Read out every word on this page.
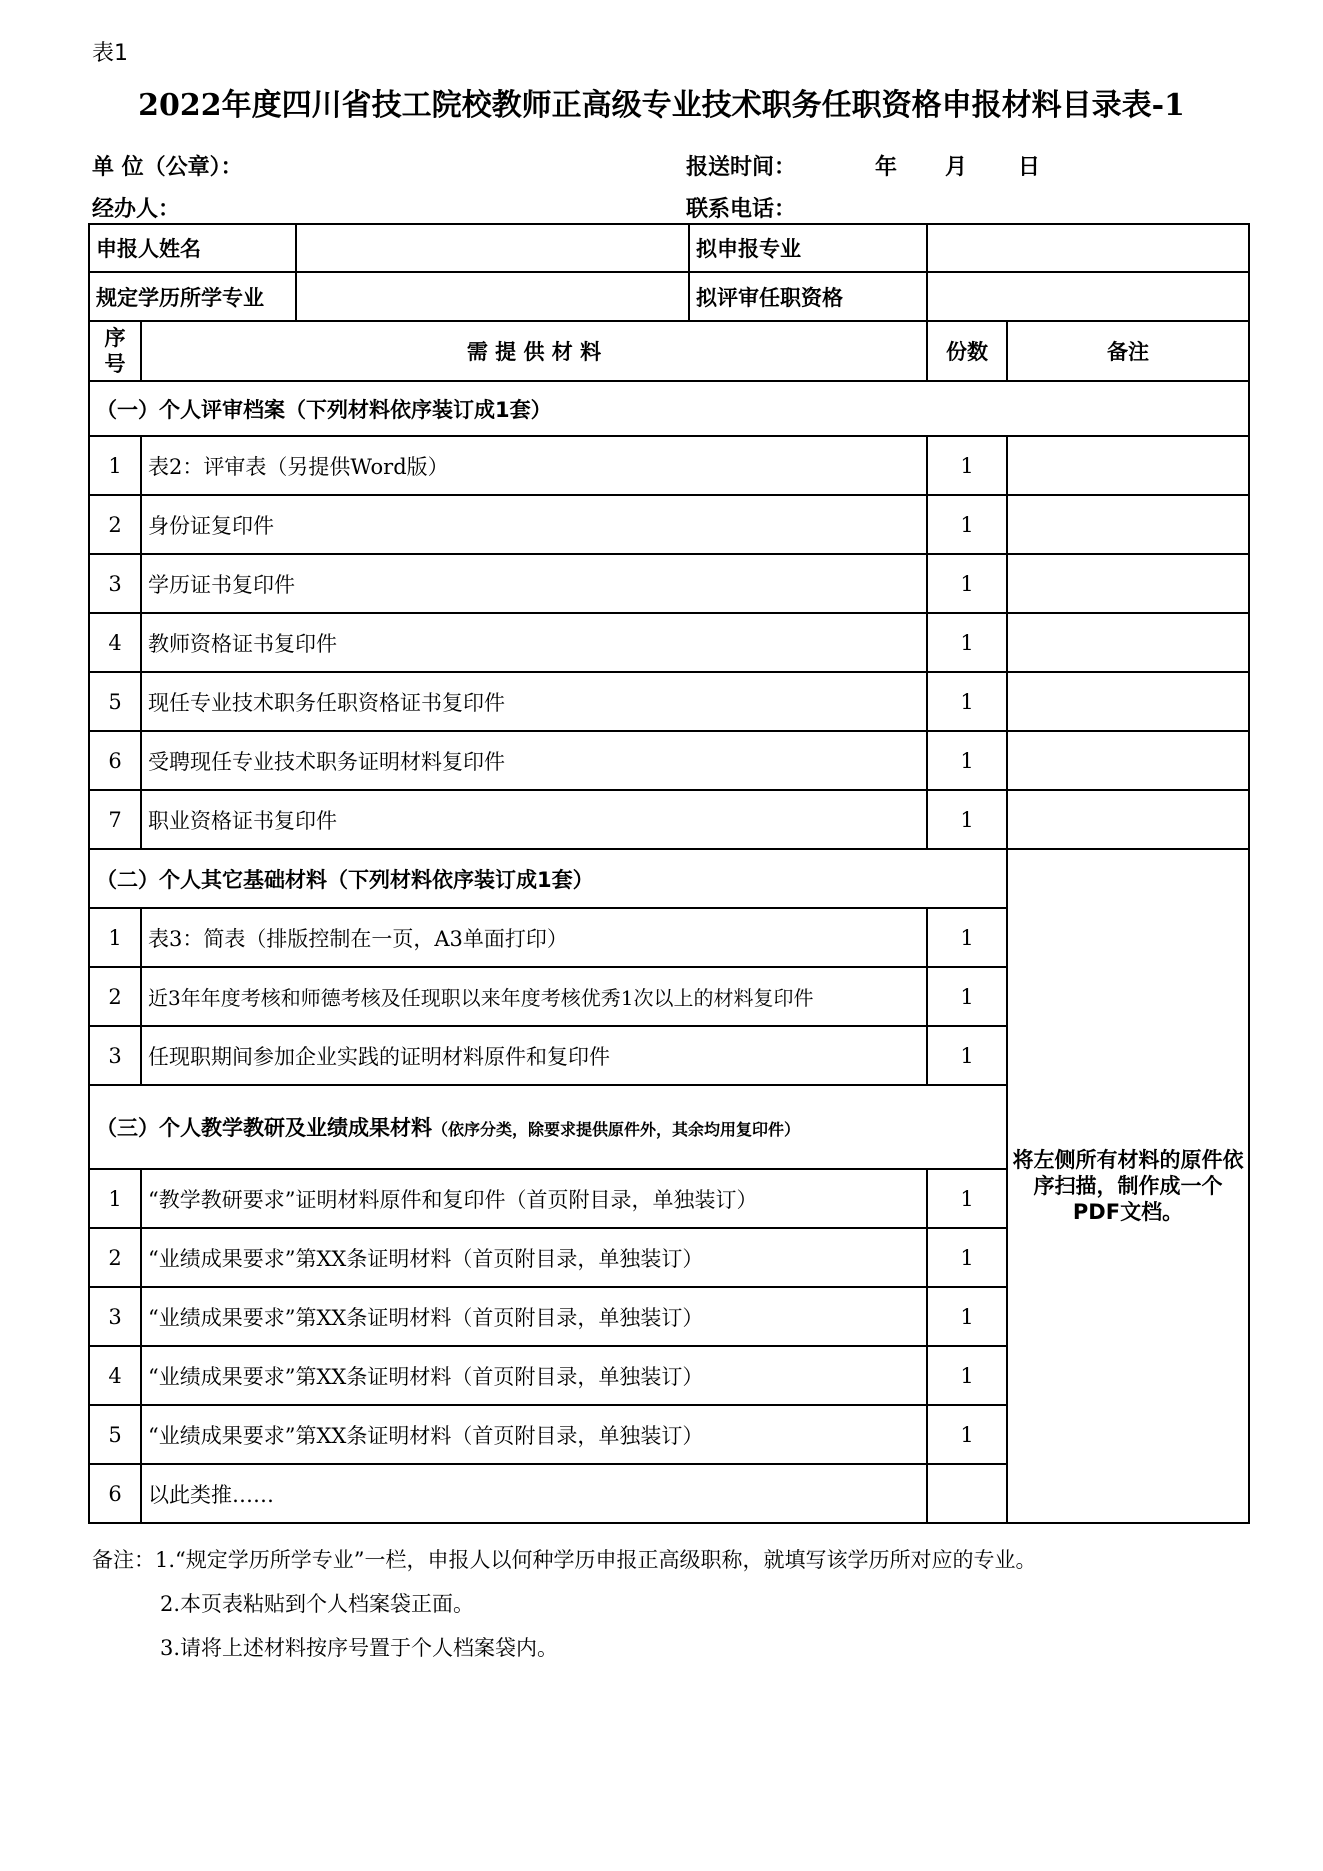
表1
2022年度四川省技工院校教师正高级专业技术职务任职资格申报材料目录表-1
单 位（公章）：	报送时间：	年 月 日
经办人：	联系电话：
申报人姓名			拟申报专业		
规定学历所学专业			拟评审任职资格		
序
号	需 提 供 材 料			份数	备注
（一）个人评审档案（下列材料依序装订成1套）					
1	表2：评审表（另提供Word版）			1	
2	身份证复印件			1	
3	学历证书复印件			1	
4	教师资格证书复印件			1	
5	现任专业技术职务任职资格证书复印件			1	
6	受聘现任专业技术职务证明材料复印件			1	
7	职业资格证书复印件			1	
（二）个人其它基础材料（下列材料依序装订成1套）					将左侧所有材料的原件依序扫描，制作成一个PDF文档。
1	表3：简表（排版控制在一页，A3单面打印）			1	
2	近3年年度考核和师德考核及任现职以来年度考核优秀1次以上的材料复印件			1	
3	任现职期间参加企业实践的证明材料原件和复印件			1	
（三）个人教学教研及业绩成果材料（依序分类，除要求提供原件外，其余均用复印件）					
1	“教学教研要求”证明材料原件和复印件（首页附目录，单独装订）			1	
2	“业绩成果要求”第XX条证明材料（首页附目录，单独装订）			1	
3	“业绩成果要求”第XX条证明材料（首页附目录，单独装订）			1	
4	“业绩成果要求”第XX条证明材料（首页附目录，单独装订）			1	
5	“业绩成果要求”第XX条证明材料（首页附目录，单独装订）			1	
6	以此类推……				
备注：1.“规定学历所学专业”一栏，申报人以何种学历申报正高级职称，就填写该学历所对应的专业。
2.本页表粘贴到个人档案袋正面。
3.请将上述材料按序号置于个人档案袋内。
